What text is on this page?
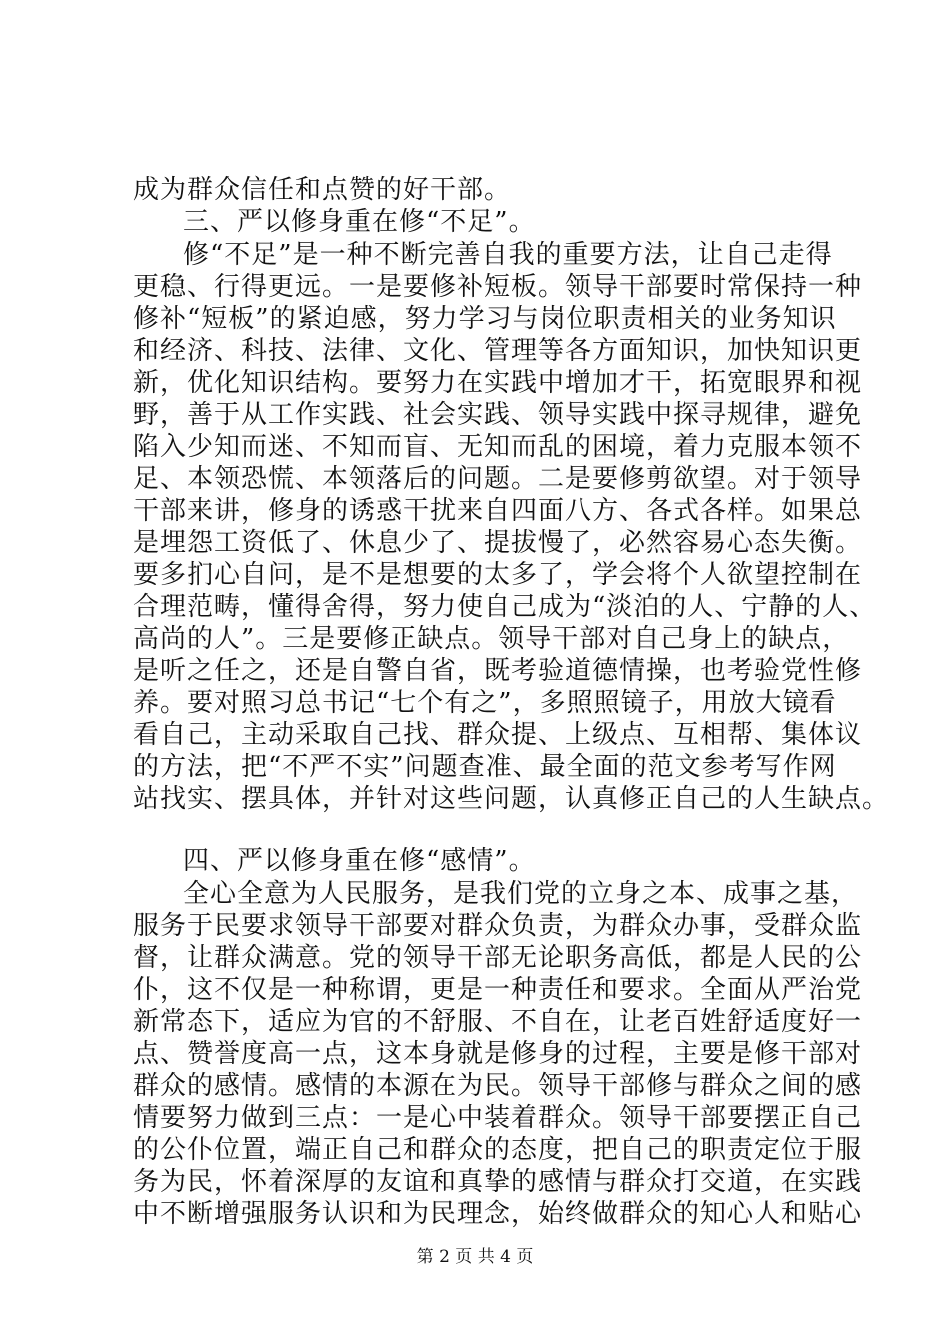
成为群众信任和点赞的好干部。
三、严以修身重在修“不足”。
修“不足”是一种不断完善自我的重要方法，让自己走得
更稳、行得更远。一是要修补短板。领导干部要时常保持一种
修补“短板”的紧迫感，努力学习与岗位职责相关的业务知识
和经济、科技、法律、文化、管理等各方面知识，加快知识更
新，优化知识结构。要努力在实践中增加才干，拓宽眼界和视
野，善于从工作实践、社会实践、领导实践中探寻规律，避免
陷入少知而迷、不知而盲、无知而乱的困境，着力克服本领不
足、本领恐慌、本领落后的问题。二是要修剪欲望。对于领导
干部来讲，修身的诱惑干扰来自四面八方、各式各样。如果总
是埋怨工资低了、休息少了、提拔慢了，必然容易心态失衡。
要多扪心自问，是不是想要的太多了，学会将个人欲望控制在
合理范畴，懂得舍得，努力使自己成为“淡泊的人、宁静的人、
高尚的人”。三是要修正缺点。领导干部对自己身上的缺点，
是听之任之，还是自警自省，既考验道德情操，也考验党性修
养。要对照习总书记“七个有之”，多照照镜子，用放大镜看
看自己，主动采取自己找、群众提、上级点、互相帮、集体议
的方法，把“不严不实”问题查准、最全面的范文参考写作网
站找实、摆具体，并针对这些问题，认真修正自己的人生缺点。
四、严以修身重在修“感情”。
全心全意为人民服务，是我们党的立身之本、成事之基，
服务于民要求领导干部要对群众负责，为群众办事，受群众监
督，让群众满意。党的领导干部无论职务高低，都是人民的公
仆，这不仅是一种称谓，更是一种责任和要求。全面从严治党
新常态下，适应为官的不舒服、不自在，让老百姓舒适度好一
点、赞誉度高一点，这本身就是修身的过程，主要是修干部对
群众的感情。感情的本源在为民。领导干部修与群众之间的感
情要努力做到三点：一是心中装着群众。领导干部要摆正自己
的公仆位置，端正自己和群众的态度，把自己的职责定位于服
务为民，怀着深厚的友谊和真挚的感情与群众打交道，在实践
中不断增强服务认识和为民理念，始终做群众的知心人和贴心
第 2 页 共 4 页
